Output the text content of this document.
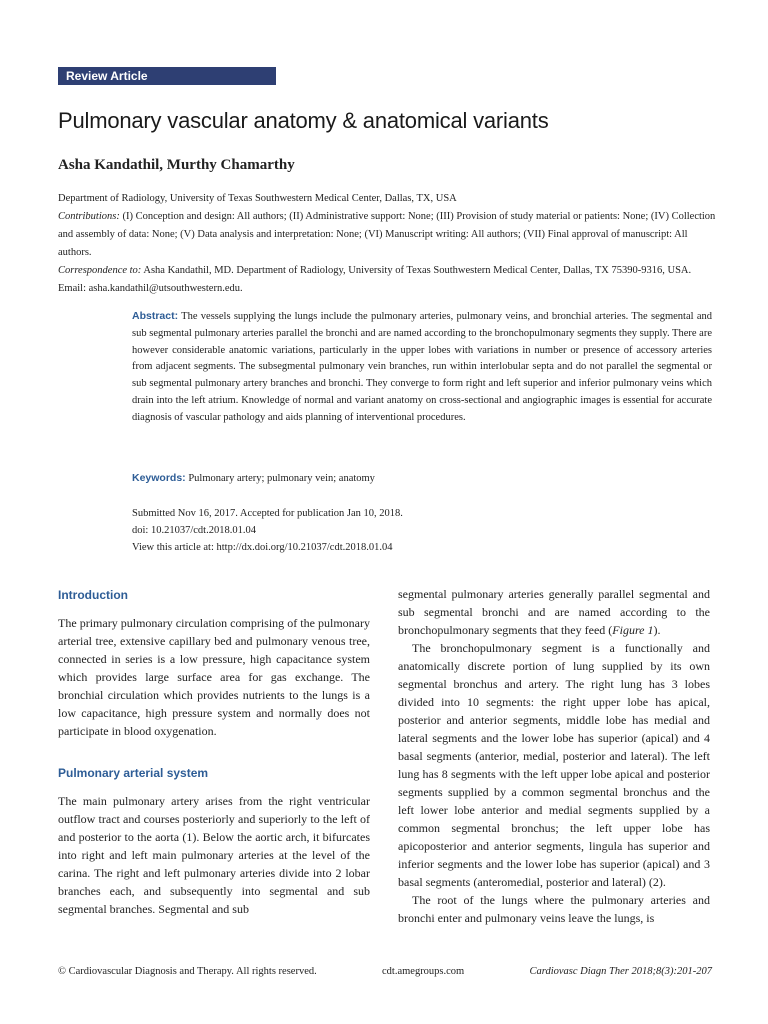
Review Article
Pulmonary vascular anatomy & anatomical variants
Asha Kandathil, Murthy Chamarthy

Department of Radiology, University of Texas Southwestern Medical Center, Dallas, TX, USA

Contributions: (I) Conception and design: All authors; (II) Administrative support: None; (III) Provision of study material or patients: None; (IV) Collection and assembly of data: None; (V) Data analysis and interpretation: None; (VI) Manuscript writing: All authors; (VII) Final approval of manuscript: All authors.

Correspondence to: Asha Kandathil, MD. Department of Radiology, University of Texas Southwestern Medical Center, Dallas, TX 75390-9316, USA. Email: asha.kandathil@utsouthwestern.edu.

Abstract: The vessels supplying the lungs include the pulmonary arteries, pulmonary veins, and bronchial arteries. The segmental and sub segmental pulmonary arteries parallel the bronchi and are named according to the bronchopulmonary segments they supply. There are however considerable anatomic variations, particularly in the upper lobes with variations in number or presence of accessory arteries from adjacent segments. The subsegmental pulmonary vein branches, run within interlobular septa and do not parallel the segmental or sub segmental pulmonary artery branches and bronchi. They converge to form right and left superior and inferior pulmonary veins which drain into the left atrium. Knowledge of normal and variant anatomy on cross-sectional and angiographic images is essential for accurate diagnosis of vascular pathology and aids planning of interventional procedures.
Keywords: Pulmonary artery; pulmonary vein; anatomy

Submitted Nov 16, 2017. Accepted for publication Jan 10, 2018.

doi: 10.21037/cdt.2018.01.04

View this article at: http://dx.doi.org/10.21037/cdt.2018.01.04

Introduction

The primary pulmonary circulation comprising of the pulmonary arterial tree, extensive capillary bed and pulmonary venous tree, connected in series is a low pressure, high capacitance system which provides large surface area for gas exchange. The bronchial circulation which provides nutrients to the lungs is a low capacitance, high pressure system and normally does not participate in blood oxygenation.

Pulmonary arterial system

The main pulmonary artery arises from the right ventricular outflow tract and courses posteriorly and superiorly to the left of and posterior to the aorta (1). Below the aortic arch, it bifurcates into right and left main pulmonary arteries at the level of the carina. The right and left pulmonary arteries divide into 2 lobar branches each, and subsequently into segmental and sub segmental branches. Segmental and sub

segmental pulmonary arteries generally parallel segmental and sub segmental bronchi and are named according to the bronchopulmonary segments that they feed (Figure 1).

The bronchopulmonary segment is a functionally and anatomically discrete portion of lung supplied by its own segmental bronchus and artery. The right lung has 3 lobes divided into 10 segments: the right upper lobe has apical, posterior and anterior segments, middle lobe has medial and lateral segments and the lower lobe has superior (apical) and 4 basal segments (anterior, medial, posterior and lateral). The left lung has 8 segments with the left upper lobe apical and posterior segments supplied by a common segmental bronchus and the left lower lobe anterior and medial segments supplied by a common segmental bronchus; the left upper lobe has apicoposterior and anterior segments, lingula has superior and inferior segments and the lower lobe has superior (apical) and 3 basal segments (anteromedial, posterior and lateral) (2).

The root of the lungs where the pulmonary arteries and bronchi enter and pulmonary veins leave the lungs, is

© Cardiovascular Diagnosis and Therapy. All rights reserved.	cdt.amegroups.com	Cardiovasc Diagn Ther 2018;8(3):201-207
